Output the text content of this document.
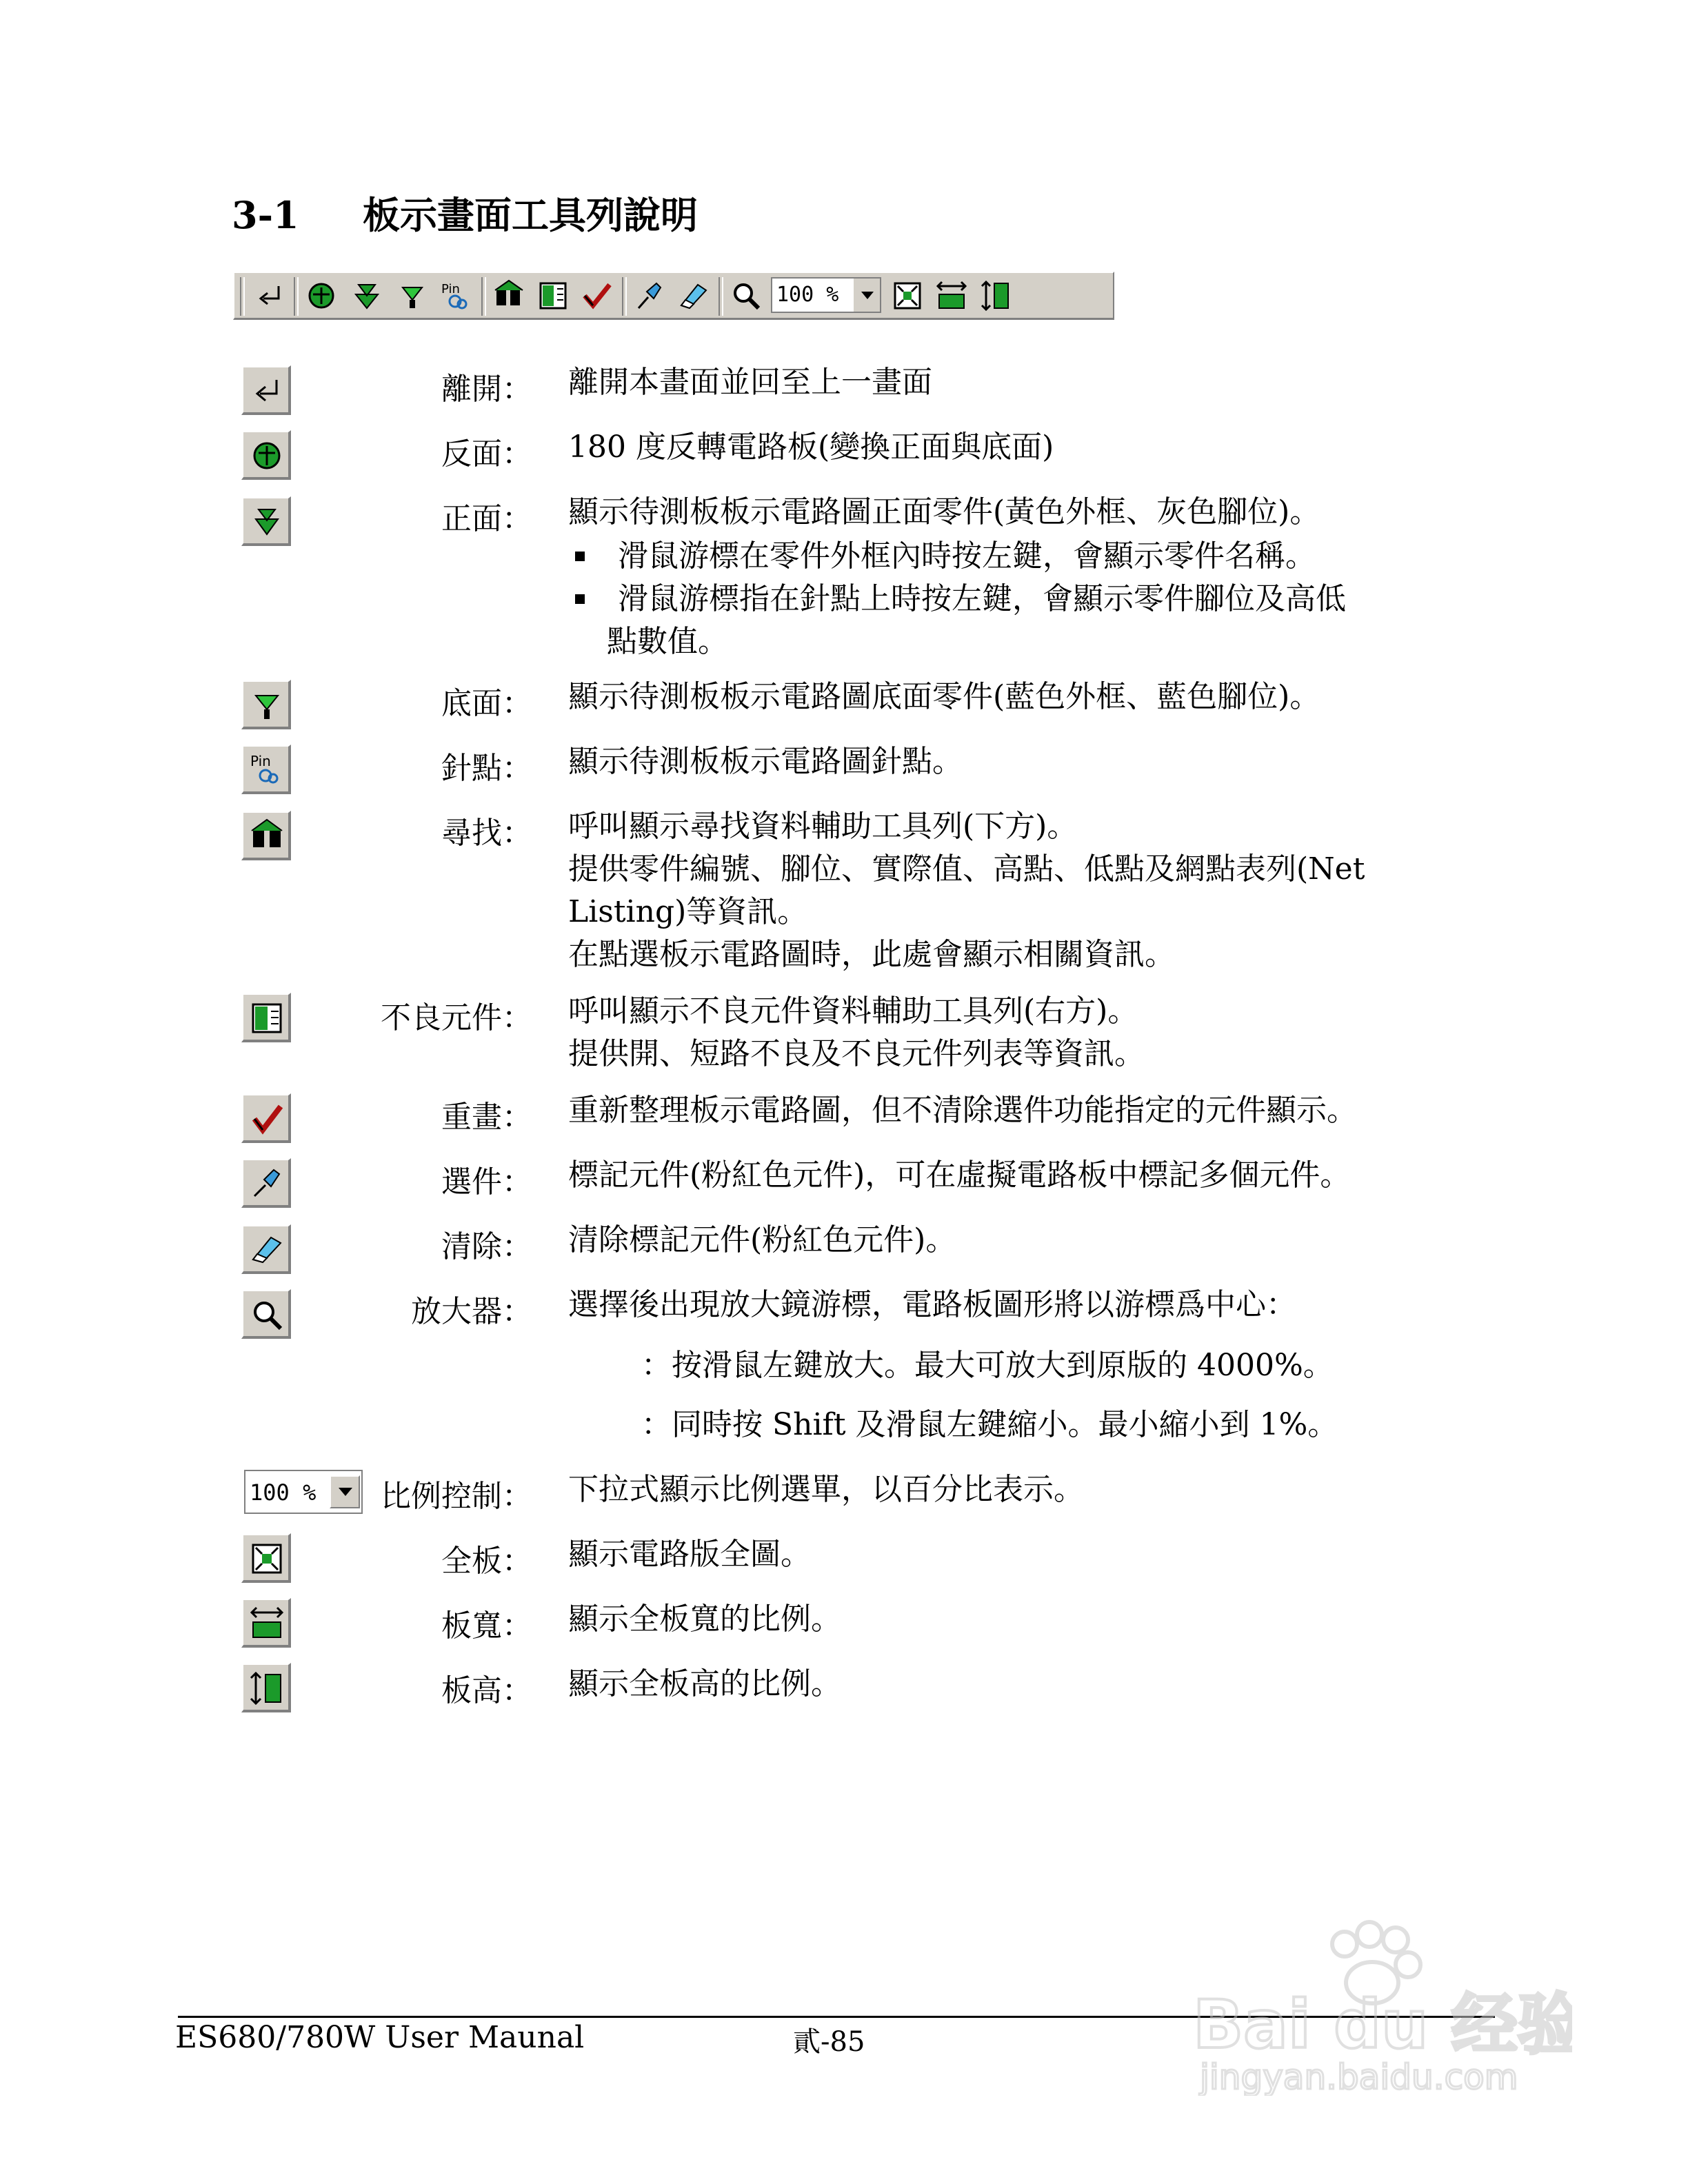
3-1 板示畫面工具列說明
Pin	100 %
離開： 離開本畫面並回至上一畫面
反面： 180 度反轉電路板(變換正面與底面)
正面： 顯示待測板板示電路圖正面零件(黃色外框、灰色腳位)。
滑鼠游標在零件外框內時按左鍵，會顯示零件名稱。
滑鼠游標指在針點上時按左鍵，會顯示零件腳位及高低
點數值。
底面： 顯示待測板板示電路圖底面零件(藍色外框、藍色腳位)。
Pin	針點： 顯示待測板板示電路圖針點。
尋找： 呼叫顯示尋找資料輔助工具列(下方)。
提供零件編號、腳位、實際值、高點、低點及網點表列(Net
Listing)等資訊。
在點選板示電路圖時，此處會顯示相關資訊。
不良元件： 呼叫顯示不良元件資料輔助工具列(右方)。
提供開、短路不良及不良元件列表等資訊。
重畫： 重新整理板示電路圖，但不清除選件功能指定的元件顯示。
選件： 標記元件(粉紅色元件)，可在虛擬電路板中標記多個元件。
清除： 清除標記元件(粉紅色元件)。
放大器： 選擇後出現放大鏡游標，電路板圖形將以游標爲中心：
：按滑鼠左鍵放大。最大可放大到原版的 4000%。
：同時按 Shift 及滑鼠左鍵縮小。最小縮小到 1%。
100 % 比例控制： 下拉式顯示比例選單，以百分比表示。
全板： 顯示電路版全圖。
板寬： 顯示全板寬的比例。
板高： 顯示全板高的比例。
ES680/780W User Maunal	貳-85	Bai du 经验
jingyan.baidu.com
